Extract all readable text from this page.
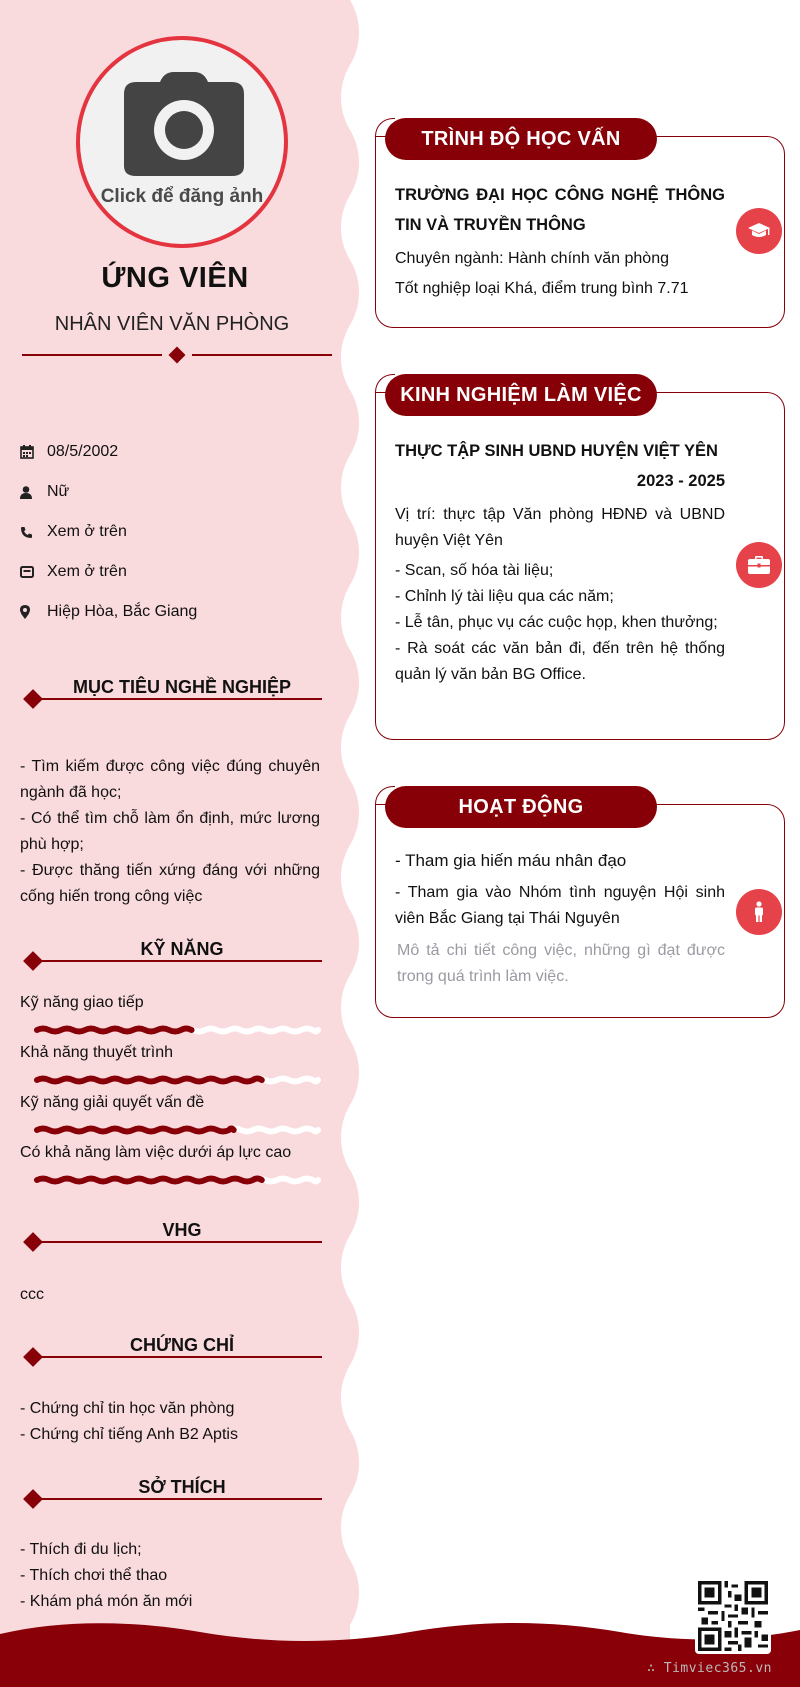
Click để đăng ảnh
ỨNG VIÊN
NHÂN VIÊN VĂN PHÒNG
08/5/2002
Nữ
Xem ở trên
Xem ở trên
Hiệp Hòa, Bắc Giang
MỤC TIÊU NGHỀ NGHIỆP
- Tìm kiếm được công việc đúng chuyên ngành đã học;
- Có thể tìm chỗ làm ổn định, mức lương phù hợp;
- Được thăng tiến xứng đáng với những cống hiến trong công việc
KỸ NĂNG
Kỹ năng giao tiếp
Khả năng thuyết trình
Kỹ năng giải quyết vấn đề
Có khả năng làm việc dưới áp lực cao
VHG
ccc
CHỨNG CHỈ
- Chứng chỉ tin học văn phòng
- Chứng chỉ tiếng Anh B2 Aptis
SỞ THÍCH
- Thích đi du lịch;
- Thích chơi thể thao
- Khám phá món ăn mới
TRÌNH ĐỘ HỌC VẤN
TRƯỜNG ĐẠI HỌC CÔNG NGHỆ THÔNG TIN VÀ TRUYỀN THÔNG
Chuyên ngành: Hành chính văn phòng
Tốt nghiệp loại Khá, điểm trung bình 7.71
KINH NGHIỆM LÀM VIỆC
THỰC TẬP SINH UBND HUYỆN VIỆT YÊN
2023 - 2025
Vị trí: thực tập Văn phòng HĐNĐ và UBND huyện Việt Yên
- Scan, số hóa tài liệu;
- Chỉnh lý tài liệu qua các năm;
- Lễ tân, phục vụ các cuộc họp, khen thưởng;
- Rà soát các văn bản đi, đến trên hệ thống quản lý văn bản BG Office.
HOẠT ĐỘNG
- Tham gia hiến máu nhân đạo
- Tham gia vào Nhóm tình nguyện Hội sinh viên Bắc Giang tại Thái Nguyên
Mô tả chi tiết công việc, những gì đạt được trong quá trình làm việc.
∴ Timviec365.vn
